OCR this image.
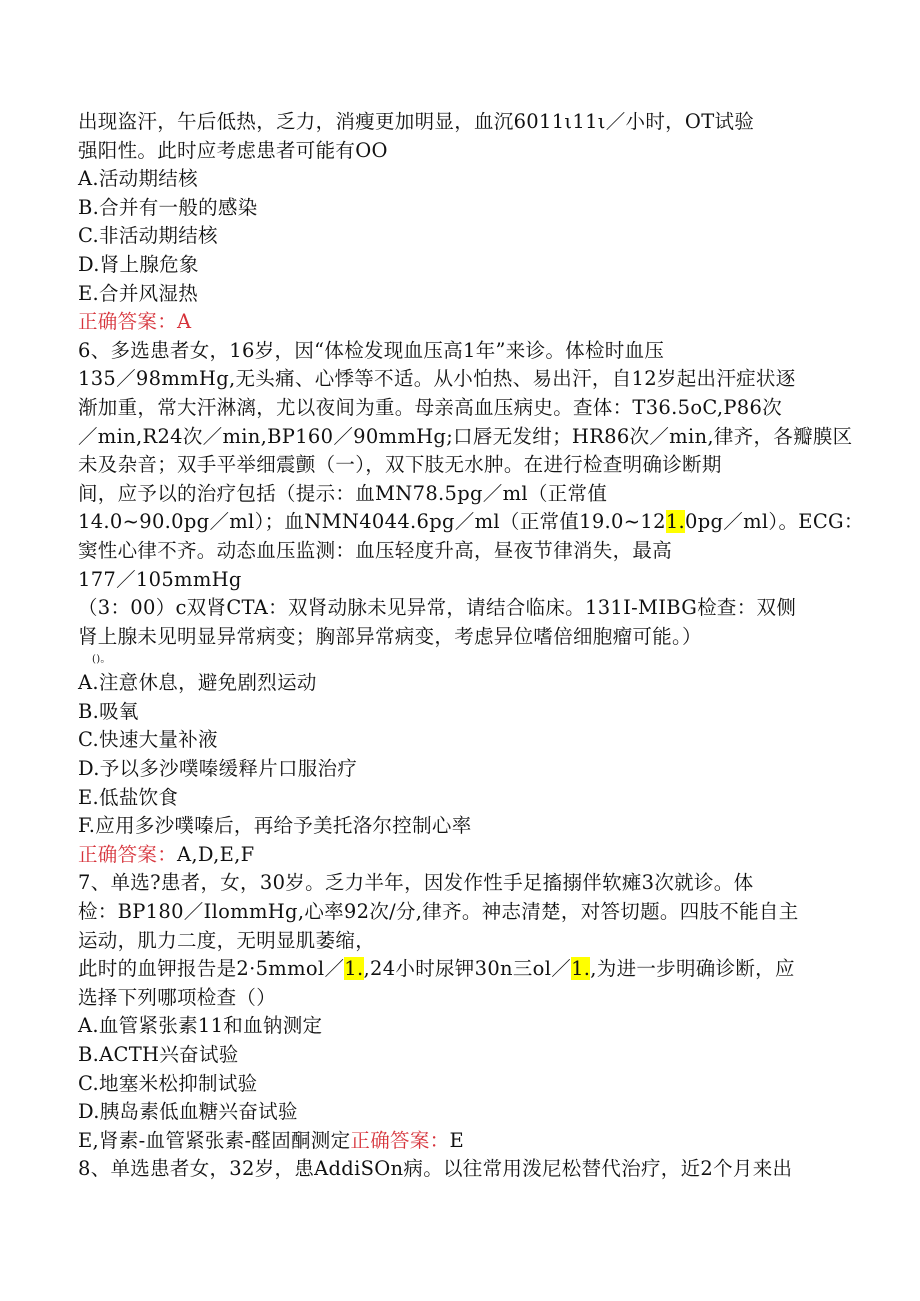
出现盗汗，午后低热，乏力，消瘦更加明显，血沉6011ι11ι／小时，OT试验
强阳性。此时应考虑患者可能有OO
A.活动期结核
B.合并有一般的感染
C.非活动期结核
D.肾上腺危象
E.合并风湿热
正确答案：A
6、多选患者女，16岁，因“体检发现血压高1年”来诊。体检时血压
135／98mmHg,无头痛、心悸等不适。从小怕热、易出汗，自12岁起出汗症状逐
渐加重，常大汗淋漓，尤以夜间为重。母亲高血压病史。查体：T36.5oC,P86次
／min,R24次／min,BP160／90mmHg;口唇无发绀；HR86次／min,律齐，各瓣膜区
未及杂音；双手平举细震颤（一），双下肢无水肿。在进行检查明确诊断期
间，应予以的治疗包括（提示：血MN78.5pg／ml（正常值
14.0~90.0pg／ml）；血NMN4044.6pg／ml（正常值19.0~121.0pg／ml）。ECG：
窦性心律不齐。动态血压监测：血压轻度升高，昼夜节律消失，最高
177／105mmHg
（3：00）c双肾CTA：双肾动脉未见异常，请结合临床。131I-MIBG检查：双侧
肾上腺未见明显异常病变；胸部异常病变，考虑异位嗜倍细胞瘤可能。）
()。
A.注意休息，避免剧烈运动
B.吸氧
C.快速大量补液
D.予以多沙噗嗪缓释片口服治疗
E.低盐饮食
F.应用多沙噗嗪后，再给予美托洛尔控制心率
正确答案：A,D,E,F
7、单选?患者，女，30岁。乏力半年，因发作性手足搐搦伴软瘫3次就诊。体
检：BP180／IlommHg,心率92次/分,律齐。神志清楚，对答切题。四肢不能自主
运动，肌力二度，无明显肌萎缩，
此时的血钾报告是2·5mmol／1.,24小时尿钾30n三ol／1.,为进一步明确诊断，应
选择下列哪项检查（）
A.血管紧张素11和血钠测定
B.ACTH兴奋试验
C.地塞米松抑制试验
D.胰岛素低血糖兴奋试验
E,肾素-血管紧张素-醛固酮测定正确答案：E
8、单选患者女，32岁，患AddiSOn病。以往常用泼尼松替代治疗，近2个月来出
